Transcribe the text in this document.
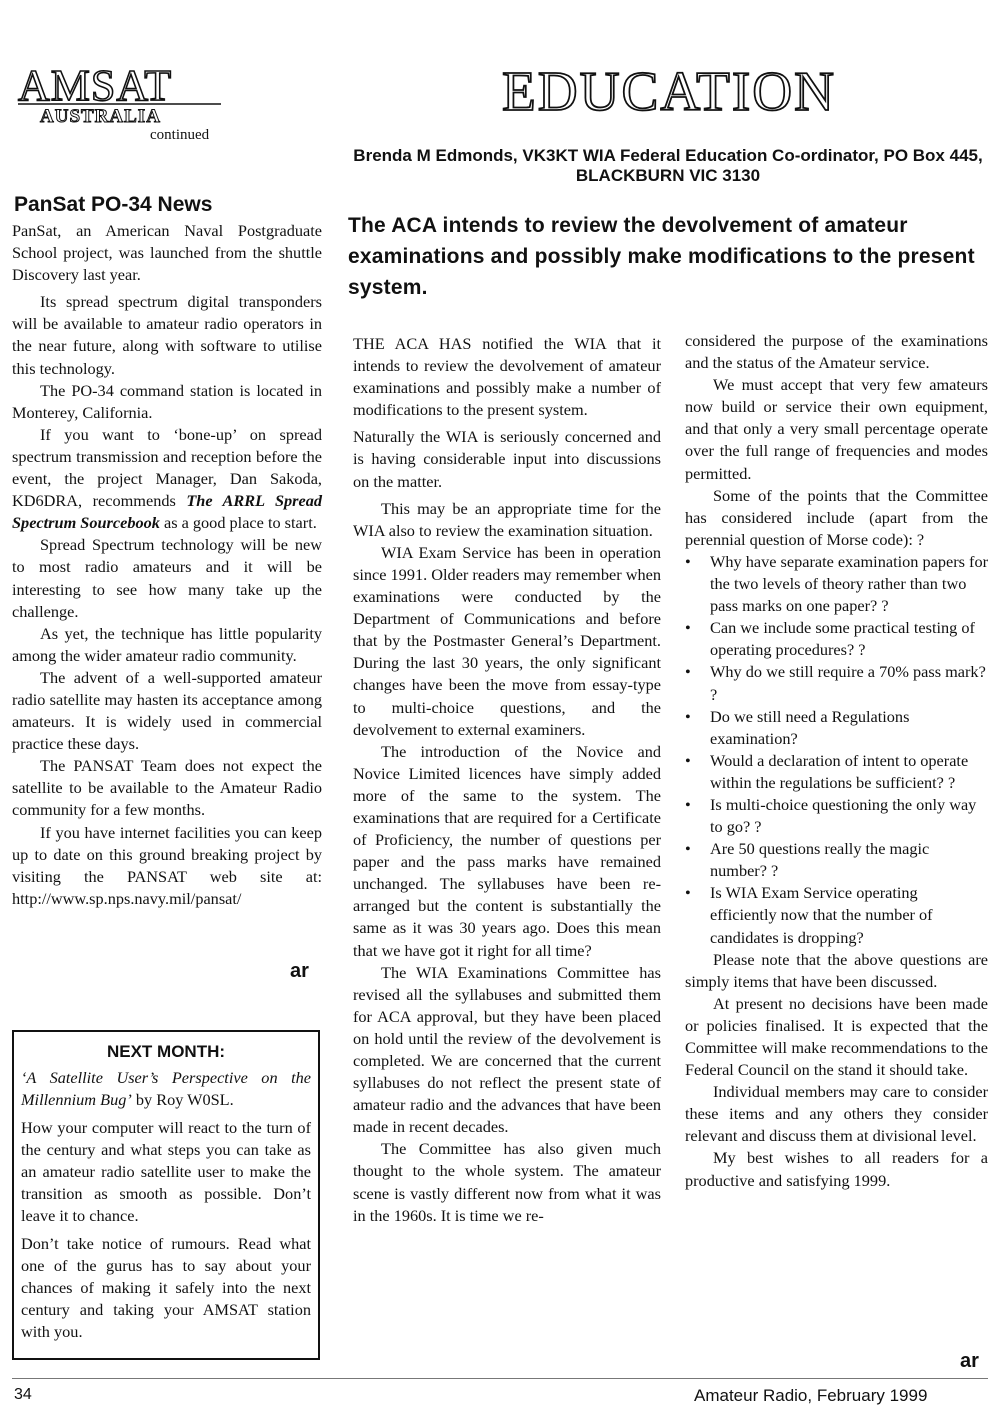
AMSAT
AUSTRALIA
continued
EDUCATION
Brenda M Edmonds, VK3KT WIA Federal Education Co-ordinator, PO Box 445, BLACKBURN VIC 3130
The ACA intends to review the devolvement of amateur examinations and possibly make modifications to the present system.
PanSat PO-34 News

PanSat, an American Naval Postgraduate School project, was launched from the shuttle Discovery last year.

Its spread spectrum digital transponders will be available to amateur radio operators in the near future, along with software to utilise this technology.

The PO-34 command station is located in Monterey, California.

If you want to ‘bone-up’ on spread spectrum transmission and reception before the event, the project Manager, Dan Sakoda, KD6DRA, recommends The ARRL Spread Spectrum Sourcebook as a good place to start.

Spread Spectrum technology will be new to most radio amateurs and it will be interesting to see how many take up the challenge.

As yet, the technique has little popularity among the wider amateur radio community.

The advent of a well-supported amateur radio satellite may hasten its acceptance among amateurs. It is widely used in commercial practice these days.

The PANSAT Team does not expect the satellite to be available to the Amateur Radio community for a few months.

If you have internet facilities you can keep up to date on this ground breaking project by visiting the PANSAT web site at: http://www.sp.nps.navy.mil/pansat/

ar
NEXT MONTH:

‘A Satellite User’s Perspective on the Millennium Bug’ by Roy W0SL.

How your computer will react to the turn of the century and what steps you can take as an amateur radio satellite user to make the transition as smooth as possible. Don’t leave it to chance.

Don’t take notice of rumours. Read what one of the gurus has to say about your chances of making it safely into the next century and taking your AMSAT station with you.

THE ACA HAS notified the WIA that it intends to review the devolvement of amateur examinations and possibly make a number of modifications to the present system.

Naturally the WIA is seriously concerned and is having considerable input into discussions on the matter.

This may be an appropriate time for the WIA also to review the examination situation.

WIA Exam Service has been in operation since 1991. Older readers may remember when examinations were conducted by the Department of Communications and before that by the Postmaster General’s Department. During the last 30 years, the only significant changes have been the move from essay-type to multi-choice questions, and the devolvement to external examiners.

The introduction of the Novice and Novice Limited licences have simply added more of the same to the system. The examinations that are required for a Certificate of Proficiency, the number of questions per paper and the pass marks have remained unchanged. The syllabuses have been re-arranged but the content is substantially the same as it was 30 years ago. Does this mean that we have got it right for all time?

The WIA Examinations Committee has revised all the syllabuses and submitted them for ACA approval, but they have been placed on hold until the review of the devolvement is completed. We are concerned that the current syllabuses do not reflect the present state of amateur radio and the advances that have been made in recent decades.

The Committee has also given much thought to the whole system. The amateur scene is vastly different now from what it was in the 1960s. It is time we re-

considered the purpose of the examinations and the status of the Amateur service.

We must accept that very few amateurs now build or service their own equipment, and that only a very small percentage operate over the full range of frequencies and modes permitted.

Some of the points that the Committee has considered include (apart from the perennial question of Morse code): ?

• Why have separate examination papers for the two levels of theory rather than two pass marks on one paper? ?
• Can we include some practical testing of operating procedures? ?
• Why do we still require a 70% pass mark? ?
• Do we still need a Regulations examination?
• Would a declaration of intent to operate within the regulations be sufficient? ?
• Is multi-choice questioning the only way to go? ?
• Are 50 questions really the magic number? ?
• Is WIA Exam Service operating efficiently now that the number of candidates is dropping?

Please note that the above questions are simply items that have been discussed.

At present no decisions have been made or policies finalised. It is expected that the Committee will make recommendations to the Federal Council on the stand it should take.

Individual members may care to consider these items and any others they consider relevant and discuss them at divisional level.

My best wishes to all readers for a productive and satisfying 1999.

ar
34	Amateur Radio, February 1999
